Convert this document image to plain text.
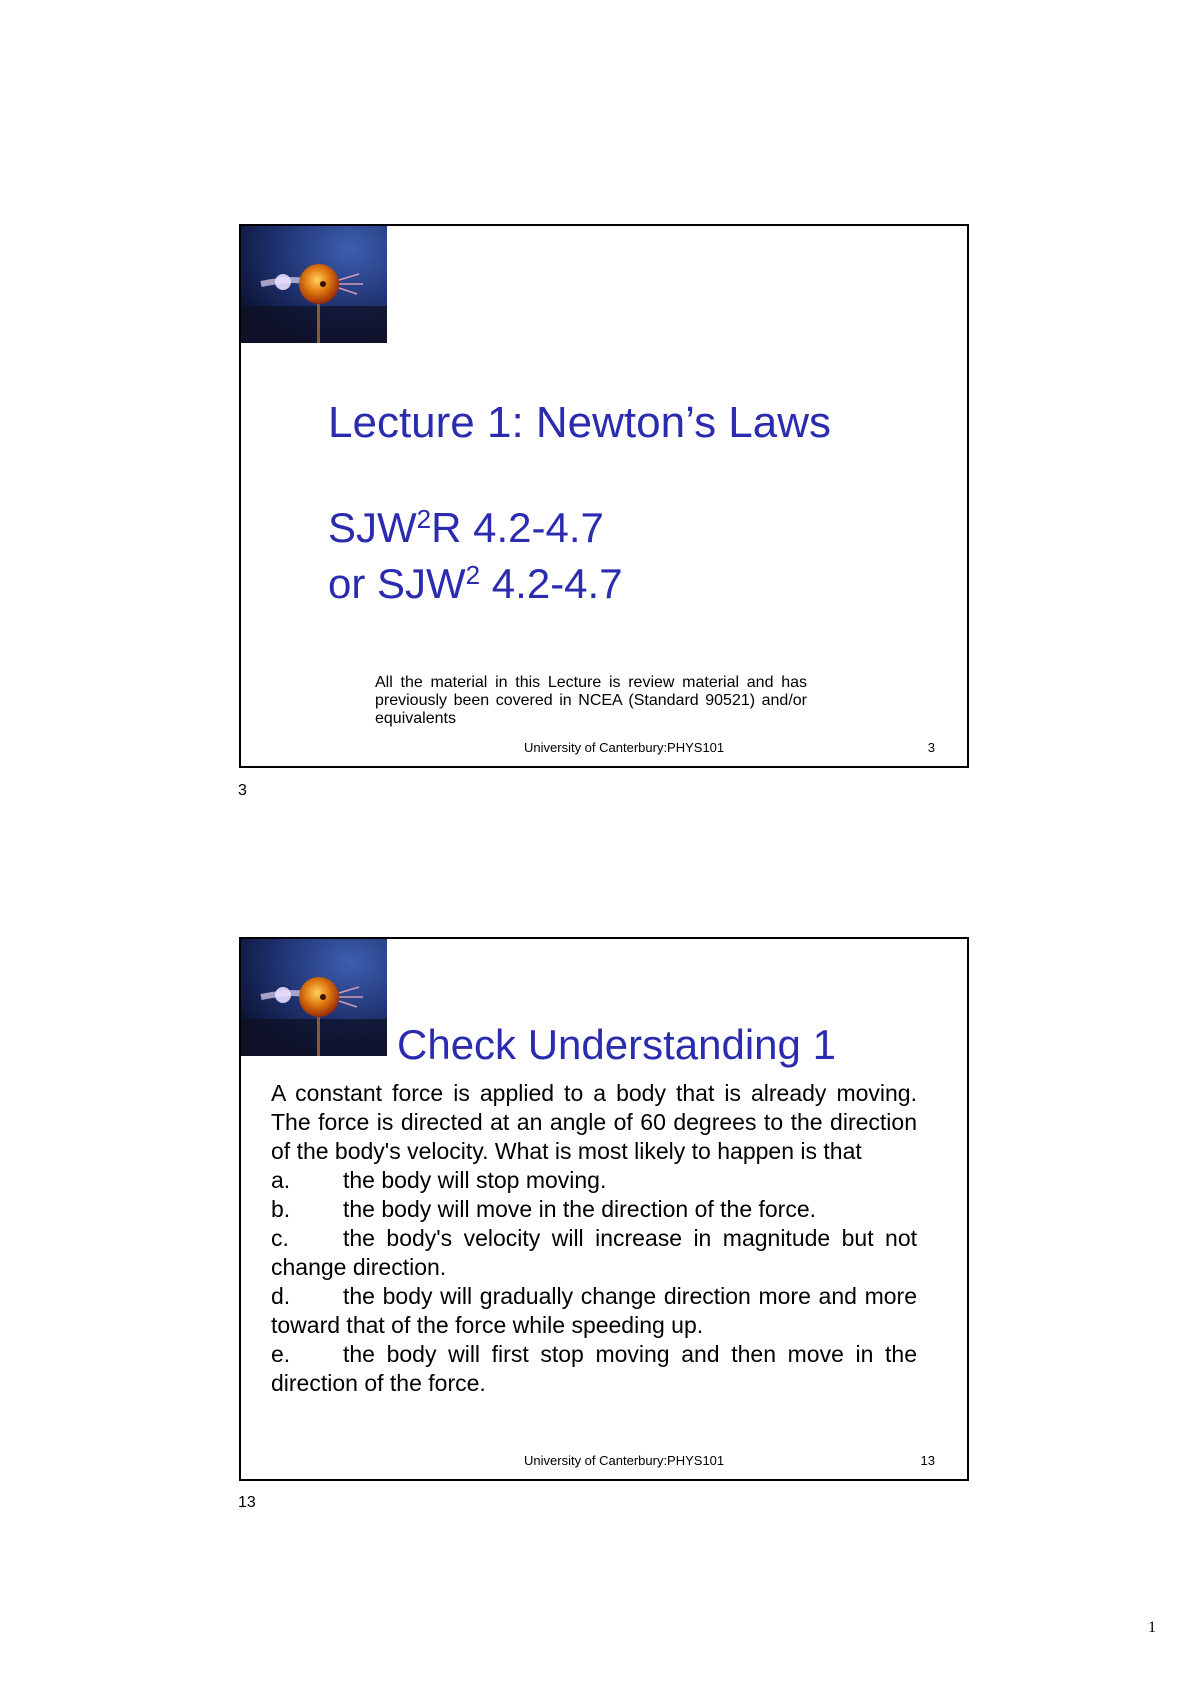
Lecture 1: Newton’s Laws
SJW$^2$R 4.2-4.7
or SJW$^2$ 4.2-4.7
All the material in this Lecture is review material and has previously been covered in NCEA (Standard 90521) and/or equivalents
University of Canterbury:PHYS101	3
3
Check Understanding 1
A constant force is applied to a body that is already moving. The force is directed at an angle of 60 degrees to the direction of the body's velocity. What is most likely to happen is that
a. the body will stop moving.
b. the body will move in the direction of the force.
c. the body's velocity will increase in magnitude but not change direction.
d. the body will gradually change direction more and more toward that of the force while speeding up.
e. the body will first stop moving and then move in the direction of the force.
University of Canterbury:PHYS101	13
13
1
